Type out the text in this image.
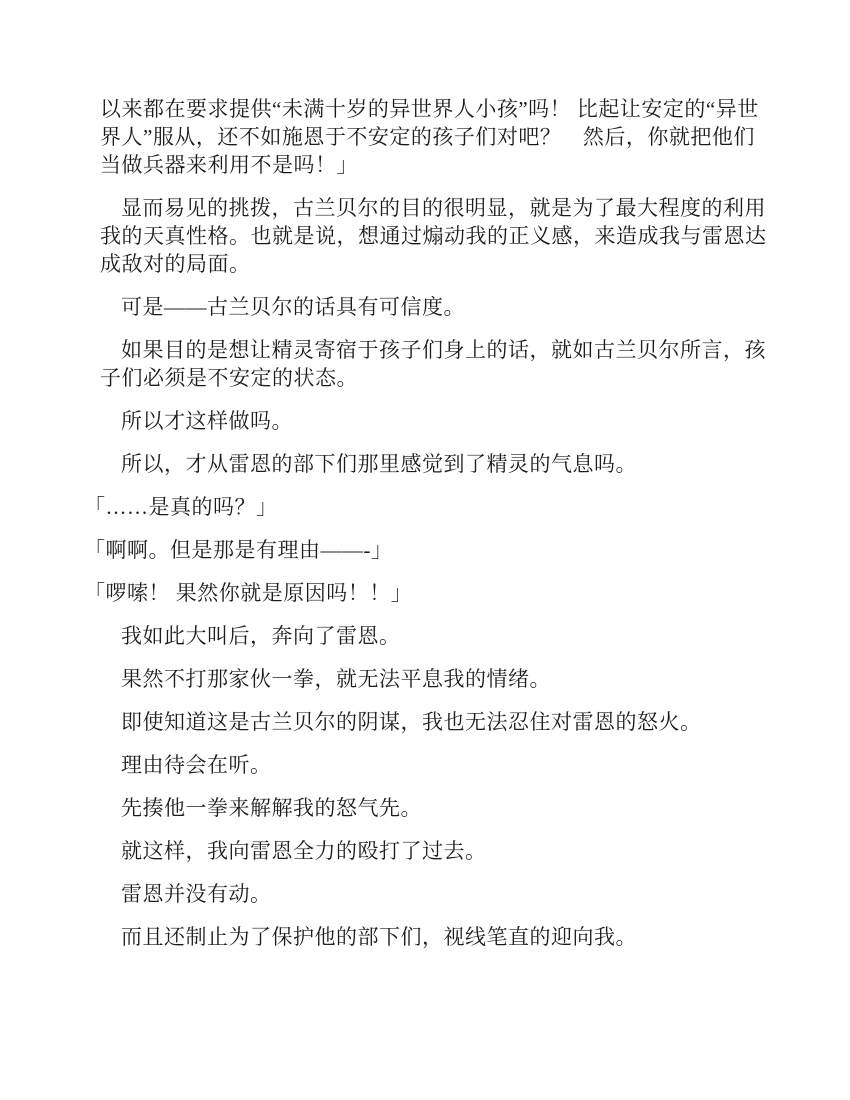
以来都在要求提供“未满十岁的异世界人小孩”吗！ 比起让安定的“异世界人”服从，还不如施恩于不安定的孩子们对吧？　然后，你就把他们当做兵器来利用不是吗！」

显而易见的挑拨，古兰贝尔的目的很明显，就是为了最大程度的利用我的天真性格。也就是说，想通过煽动我的正义感，来造成我与雷恩达成敌对的局面。

可是——古兰贝尔的话具有可信度。

如果目的是想让精灵寄宿于孩子们身上的话，就如古兰贝尔所言，孩子们必须是不安定的状态。

所以才这样做吗。

所以，才从雷恩的部下们那里感觉到了精灵的气息吗。

「……是真的吗？」

「啊啊。但是那是有理由——-」

「啰嗦！ 果然你就是原因吗！！」

我如此大叫后，奔向了雷恩。

果然不打那家伙一拳，就无法平息我的情绪。

即使知道这是古兰贝尔的阴谋，我也无法忍住对雷恩的怒火。

理由待会在听。

先揍他一拳来解解我的怒气先。

就这样，我向雷恩全力的殴打了过去。

雷恩并没有动。

而且还制止为了保护他的部下们，视线笔直的迎向我。
